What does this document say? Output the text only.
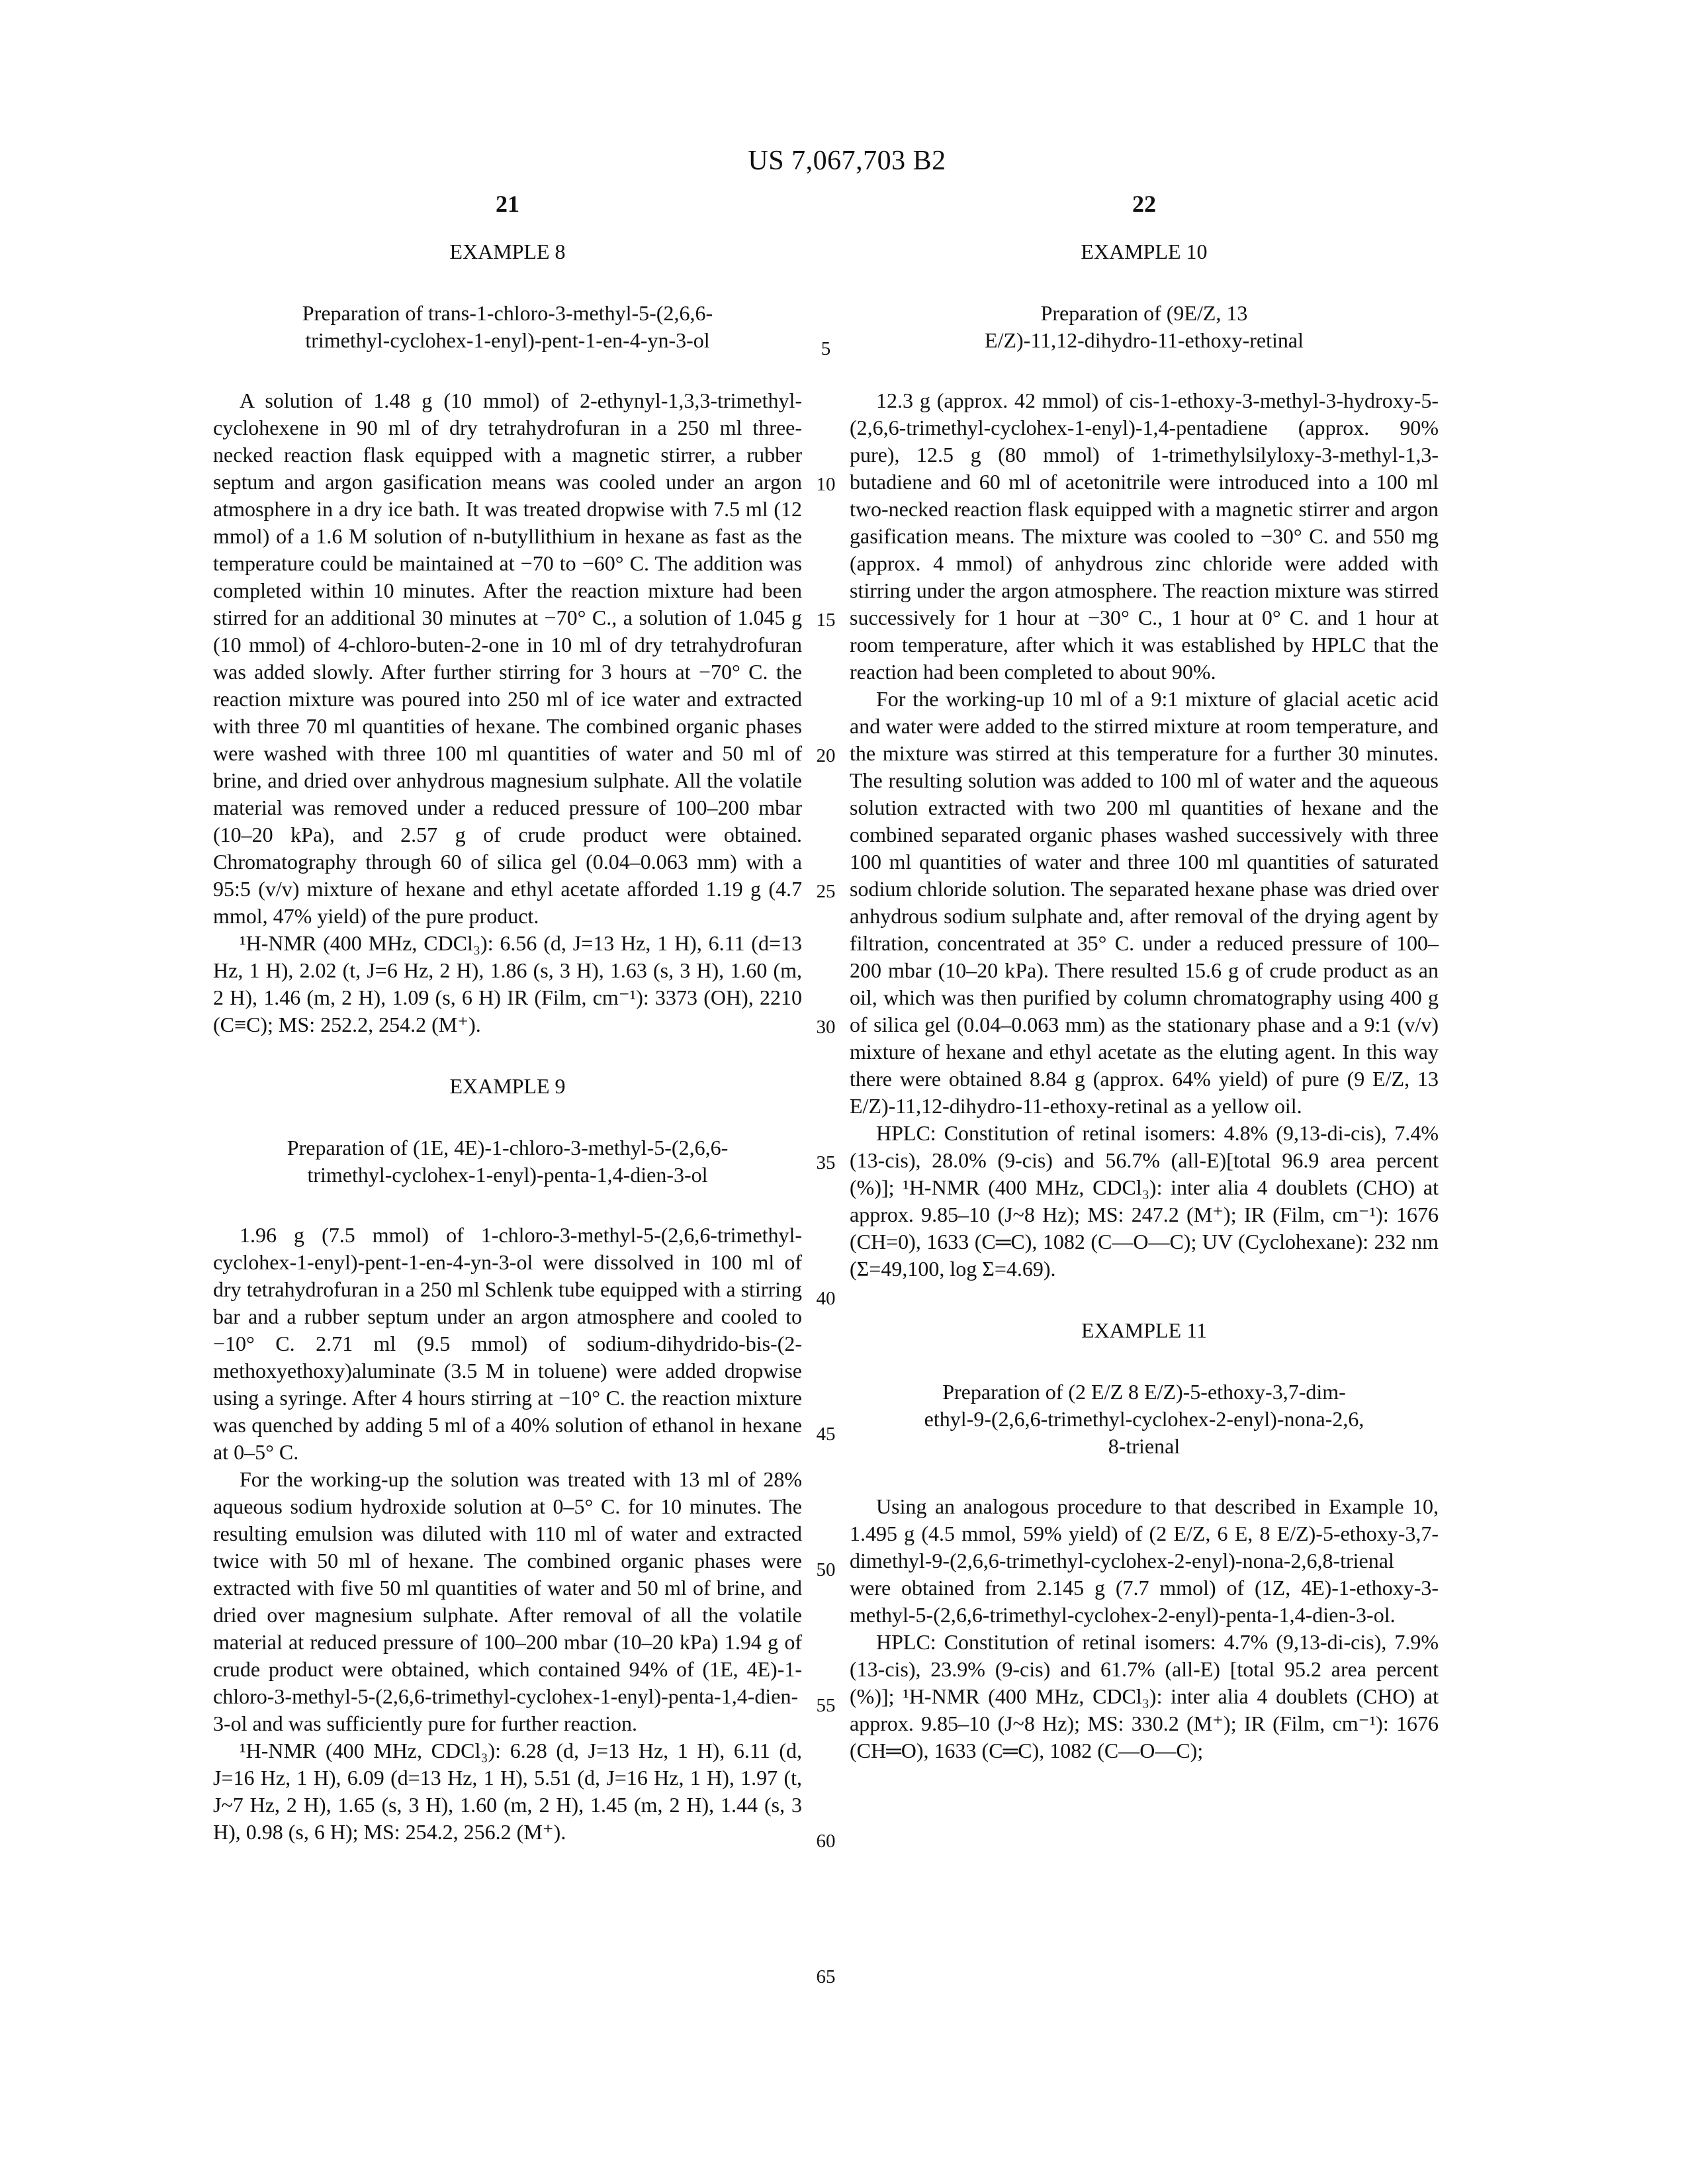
US 7,067,703 B2
21	22
EXAMPLE 8
Preparation of trans-1-chloro-3-methyl-5-(2,6,6-
trimethyl-cyclohex-1-enyl)-pent-1-en-4-yn-3-ol

A solution of 1.48 g (10 mmol) of 2-ethynyl-1,3,3-trimethyl-cyclohexene in 90 ml of dry tetrahydrofuran in a 250 ml three-necked reaction flask equipped with a magnetic stirrer, a rubber septum and argon gasification means was cooled under an argon atmosphere in a dry ice bath. It was treated dropwise with 7.5 ml (12 mmol) of a 1.6 M solution of n-butyllithium in hexane as fast as the temperature could be maintained at −70 to −60° C. The addition was completed within 10 minutes. After the reaction mixture had been stirred for an additional 30 minutes at −70° C., a solution of 1.045 g (10 mmol) of 4-chloro-buten-2-one in 10 ml of dry tetrahydrofuran was added slowly. After further stirring for 3 hours at −70° C. the reaction mixture was poured into 250 ml of ice water and extracted with three 70 ml quantities of hexane. The combined organic phases were washed with three 100 ml quantities of water and 50 ml of brine, and dried over anhydrous magnesium sulphate. All the volatile material was removed under a reduced pressure of 100–200 mbar (10–20 kPa), and 2.57 g of crude product were obtained. Chromatography through 60 of silica gel (0.04–0.063 mm) with a 95:5 (v/v) mixture of hexane and ethyl acetate afforded 1.19 g (4.7 mmol, 47% yield) of the pure product.

¹H-NMR (400 MHz, CDCl₃): 6.56 (d, J=13 Hz, 1 H), 6.11 (d=13 Hz, 1 H), 2.02 (t, J=6 Hz, 2 H), 1.86 (s, 3 H), 1.63 (s, 3 H), 1.60 (m, 2 H), 1.46 (m, 2 H), 1.09 (s, 6 H) IR (Film, cm⁻¹): 3373 (OH), 2210 (C≡C); MS: 252.2, 254.2 (M⁺).

EXAMPLE 9
Preparation of (1E, 4E)-1-chloro-3-methyl-5-(2,6,6-
trimethyl-cyclohex-1-enyl)-penta-1,4-dien-3-ol

1.96 g (7.5 mmol) of 1-chloro-3-methyl-5-(2,6,6-trimethyl-cyclohex-1-enyl)-pent-1-en-4-yn-3-ol were dissolved in 100 ml of dry tetrahydrofuran in a 250 ml Schlenk tube equipped with a stirring bar and a rubber septum under an argon atmosphere and cooled to −10° C. 2.71 ml (9.5 mmol) of sodium-dihydrido-bis-(2-methoxyethoxy)aluminate (3.5 M in toluene) were added dropwise using a syringe. After 4 hours stirring at −10° C. the reaction mixture was quenched by adding 5 ml of a 40% solution of ethanol in hexane at 0–5° C.

For the working-up the solution was treated with 13 ml of 28% aqueous sodium hydroxide solution at 0–5° C. for 10 minutes. The resulting emulsion was diluted with 110 ml of water and extracted twice with 50 ml of hexane. The combined organic phases were extracted with five 50 ml quantities of water and 50 ml of brine, and dried over magnesium sulphate. After removal of all the volatile material at reduced pressure of 100–200 mbar (10–20 kPa) 1.94 g of crude product were obtained, which contained 94% of (1E, 4E)-1-chloro-3-methyl-5-(2,6,6-trimethyl-cyclohex-1-enyl)-penta-1,4-dien-3-ol and was sufficiently pure for further reaction.

¹H-NMR (400 MHz, CDCl₃): 6.28 (d, J=13 Hz, 1 H), 6.11 (d, J=16 Hz, 1 H), 6.09 (d=13 Hz, 1 H), 5.51 (d, J=16 Hz, 1 H), 1.97 (t, J~7 Hz, 2 H), 1.65 (s, 3 H), 1.60 (m, 2 H), 1.45 (m, 2 H), 1.44 (s, 3 H), 0.98 (s, 6 H); MS: 254.2, 256.2 (M⁺).

5
10
15
20
25
30
35
40
45
50
55
60
65
EXAMPLE 10
Preparation of (9E/Z, 13
E/Z)-11,12-dihydro-11-ethoxy-retinal

12.3 g (approx. 42 mmol) of cis-1-ethoxy-3-methyl-3-hydroxy-5-(2,6,6-trimethyl-cyclohex-1-enyl)-1,4-pentadiene (approx. 90% pure), 12.5 g (80 mmol) of 1-trimethylsilyloxy-3-methyl-1,3-butadiene and 60 ml of acetonitrile were introduced into a 100 ml two-necked reaction flask equipped with a magnetic stirrer and argon gasification means. The mixture was cooled to −30° C. and 550 mg (approx. 4 mmol) of anhydrous zinc chloride were added with stirring under the argon atmosphere. The reaction mixture was stirred successively for 1 hour at −30° C., 1 hour at 0° C. and 1 hour at room temperature, after which it was established by HPLC that the reaction had been completed to about 90%.

For the working-up 10 ml of a 9:1 mixture of glacial acetic acid and water were added to the stirred mixture at room temperature, and the mixture was stirred at this temperature for a further 30 minutes. The resulting solution was added to 100 ml of water and the aqueous solution extracted with two 200 ml quantities of hexane and the combined separated organic phases washed successively with three 100 ml quantities of water and three 100 ml quantities of saturated sodium chloride solution. The separated hexane phase was dried over anhydrous sodium sulphate and, after removal of the drying agent by filtration, concentrated at 35° C. under a reduced pressure of 100–200 mbar (10–20 kPa). There resulted 15.6 g of crude product as an oil, which was then purified by column chromatography using 400 g of silica gel (0.04–0.063 mm) as the stationary phase and a 9:1 (v/v) mixture of hexane and ethyl acetate as the eluting agent. In this way there were obtained 8.84 g (approx. 64% yield) of pure (9 E/Z, 13 E/Z)-11,12-dihydro-11-ethoxy-retinal as a yellow oil.

HPLC: Constitution of retinal isomers: 4.8% (9,13-di-cis), 7.4% (13-cis), 28.0% (9-cis) and 56.7% (all-E)[total 96.9 area percent (%)]; ¹H-NMR (400 MHz, CDCl₃): inter alia 4 doublets (CHO) at approx. 9.85–10 (J~8 Hz); MS: 247.2 (M⁺); IR (Film, cm⁻¹): 1676 (CH=0), 1633 (C═C), 1082 (C—O—C); UV (Cyclohexane): 232 nm (Σ=49,100, log Σ=4.69).

EXAMPLE 11
Preparation of (2 E/Z 8 E/Z)-5-ethoxy-3,7-dim-
ethyl-9-(2,6,6-trimethyl-cyclohex-2-enyl)-nona-2,6,
8-trienal

Using an analogous procedure to that described in Example 10, 1.495 g (4.5 mmol, 59% yield) of (2 E/Z, 6 E, 8 E/Z)-5-ethoxy-3,7-dimethyl-9-(2,6,6-trimethyl-cyclohex-2-enyl)-nona-2,6,8-trienal were obtained from 2.145 g (7.7 mmol) of (1Z, 4E)-1-ethoxy-3-methyl-5-(2,6,6-trimethyl-cyclohex-2-enyl)-penta-1,4-dien-3-ol.

HPLC: Constitution of retinal isomers: 4.7% (9,13-di-cis), 7.9% (13-cis), 23.9% (9-cis) and 61.7% (all-E) [total 95.2 area percent (%)]; ¹H-NMR (400 MHz, CDCl₃): inter alia 4 doublets (CHO) at approx. 9.85–10 (J~8 Hz); MS: 330.2 (M⁺); IR (Film, cm⁻¹): 1676 (CH═O), 1633 (C═C), 1082 (C—O—C);
